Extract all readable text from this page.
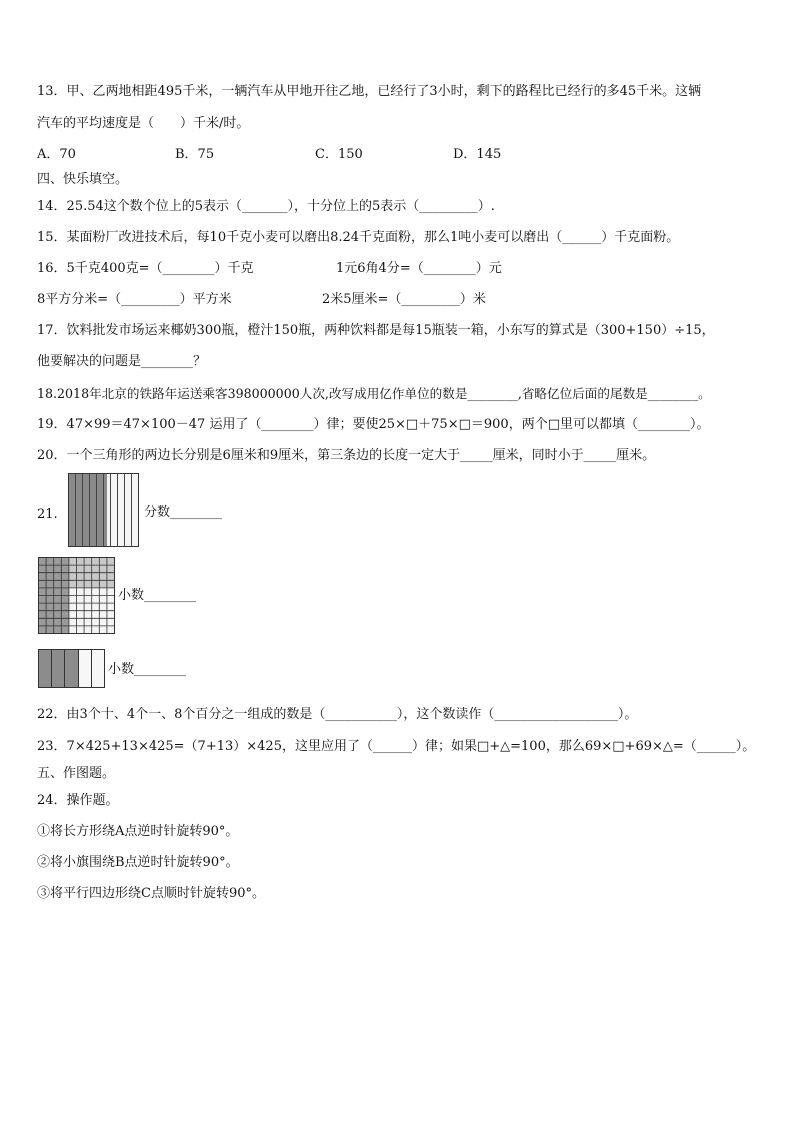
13．甲、乙两地相距495千米，一辆汽车从甲地开往乙地，已经行了3小时，剩下的路程比已经行的多45千米。这辆
汽车的平均速度是（　　）千米/时。
A．70	B．75	C．150	D．145
四、快乐填空。
14．25.54这个数个位上的5表示（_______），十分位上的5表示（_________）.
15．某面粉厂改进技术后，每10千克小麦可以磨出8.24千克面粉，那么1吨小麦可以磨出（______）千克面粉。
16．5千克400克=（________）千克	1元6角4分=（________）元
8平方分米=（_________）平方米	2米5厘米=（_________）米
17．饮料批发市场运来椰奶300瓶，橙汁150瓶，两种饮料都是每15瓶装一箱，小东写的算式是（300+150）÷15，
他要解决的问题是________？
18.2018年北京的铁路年运送乘客398000000人次,改写成用亿作单位的数是________,省略亿位后面的尾数是________。
19．47×99＝47×100－47 运用了（________）律；要使25×□＋75×□＝900，两个□里可以都填（________）。
20．一个三角形的两边长分别是6厘米和9厘米，第三条边的长度一定大于_____厘米，同时小于_____厘米。
21.	分数________
小数________
小数________
22．由3个十、4个一、8个百分之一组成的数是（___________），这个数读作（___________________）。
23．7×425+13×425=（7+13）×425，这里应用了（______）律；如果□+△=100，那么69×□+69×△=（______）。
五、作图题。
24．操作题。
①将长方形绕A点逆时针旋转90°。
②将小旗围绕B点逆时针旋转90°。
③将平行四边形绕C点顺时针旋转90°。
